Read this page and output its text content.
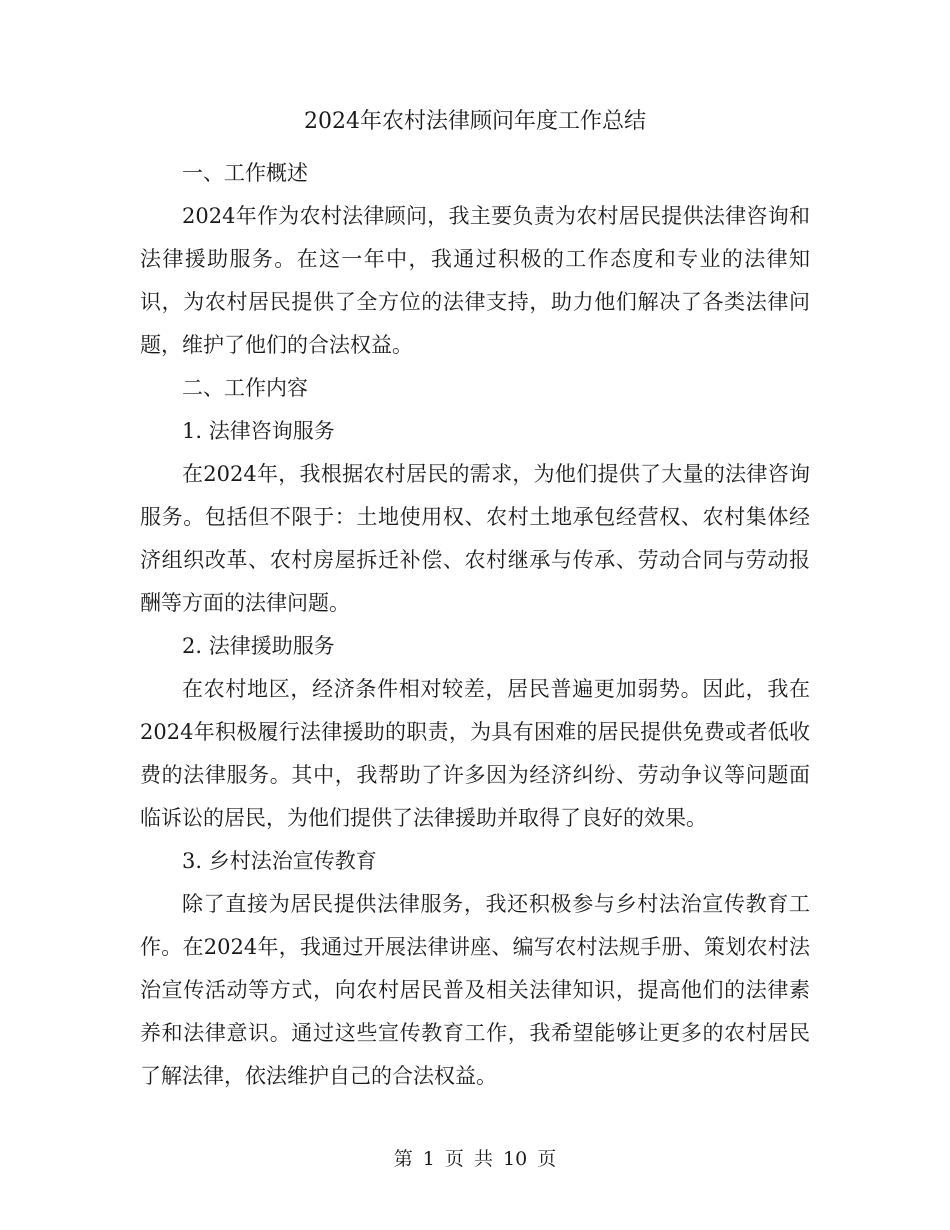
2024年农村法律顾问年度工作总结

一、工作概述

2024年作为农村法律顾问，我主要负责为农村居民提供法律咨询和法律援助服务。在这一年中，我通过积极的工作态度和专业的法律知识，为农村居民提供了全方位的法律支持，助力他们解决了各类法律问题，维护了他们的合法权益。

二、工作内容

1. 法律咨询服务

在2024年，我根据农村居民的需求，为他们提供了大量的法律咨询服务。包括但不限于：土地使用权、农村土地承包经营权、农村集体经济组织改革、农村房屋拆迁补偿、农村继承与传承、劳动合同与劳动报酬等方面的法律问题。

2. 法律援助服务

在农村地区，经济条件相对较差，居民普遍更加弱势。因此，我在2024年积极履行法律援助的职责，为具有困难的居民提供免费或者低收费的法律服务。其中，我帮助了许多因为经济纠纷、劳动争议等问题面临诉讼的居民，为他们提供了法律援助并取得了良好的效果。

3. 乡村法治宣传教育

除了直接为居民提供法律服务，我还积极参与乡村法治宣传教育工作。在2024年，我通过开展法律讲座、编写农村法规手册、策划农村法治宣传活动等方式，向农村居民普及相关法律知识，提高他们的法律素养和法律意识。通过这些宣传教育工作，我希望能够让更多的农村居民了解法律，依法维护自己的合法权益。

第 1 页 共 10 页
